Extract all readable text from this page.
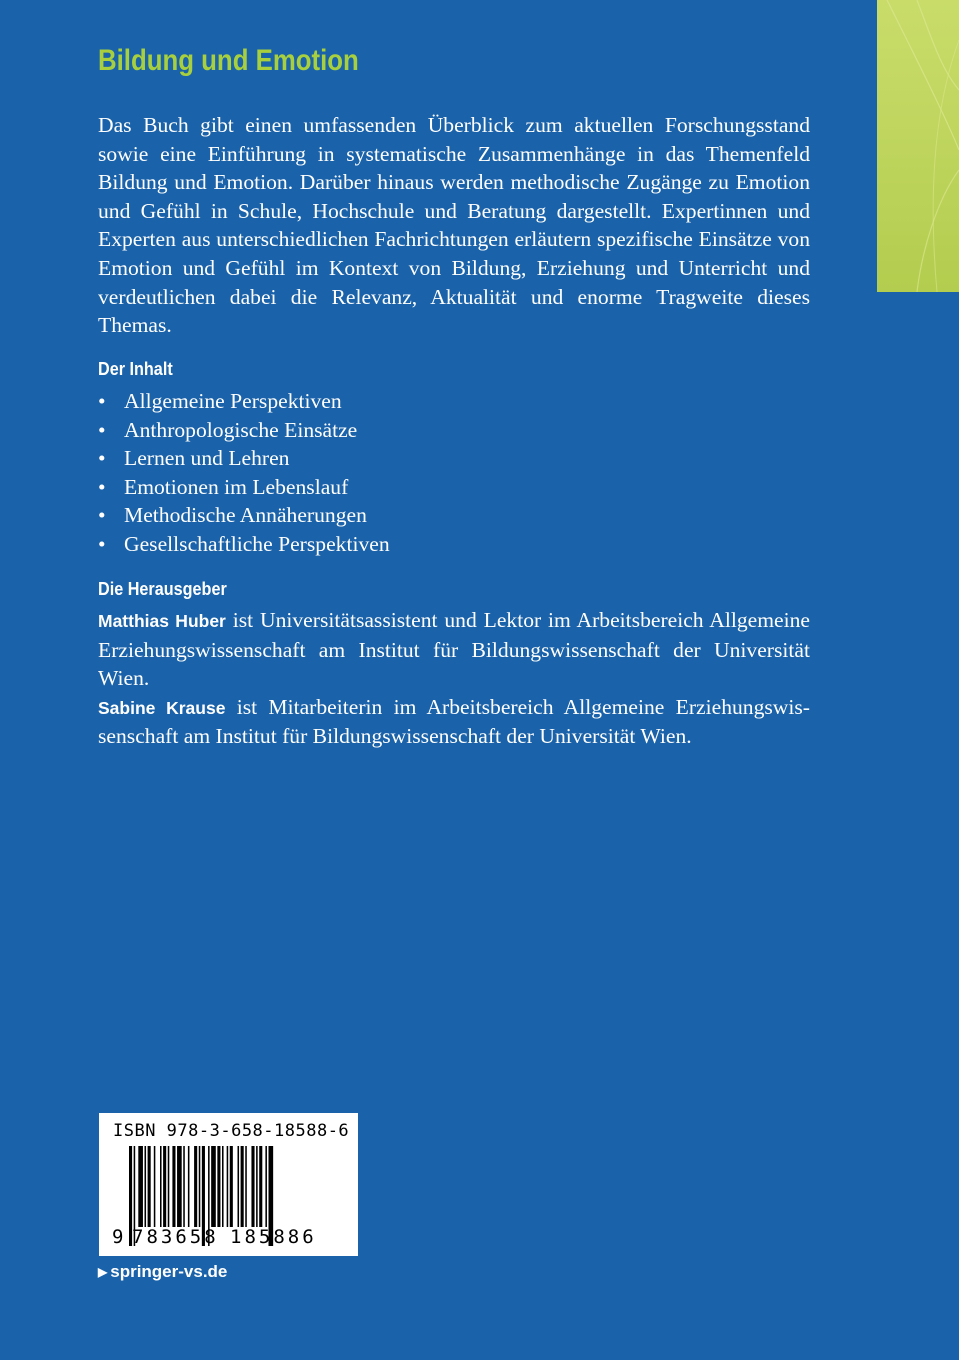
Bildung und Emotion

Das Buch gibt einen umfassenden Überblick zum aktuellen Forschungsstand sowie eine Einführung in systematische Zusammenhänge in das Themenfeld Bildung und Emotion. Darüber hinaus werden methodische Zugänge zu Emotion und Gefühl in Schule, Hochschule und Beratung dargestellt. Expertinnen und Experten aus unterschiedlichen Fachrichtungen erläutern spezifische Einsätze von Emotion und Gefühl im Kontext von Bildung, Erziehung und Unterricht und verdeutlichen dabei die Relevanz, Aktualität und enorme Tragweite dieses Themas.

Der Inhalt
• Allgemeine Perspektiven
• Anthropologische Einsätze
• Lernen und Lehren
• Emotionen im Lebenslauf
• Methodische Annäherungen
• Gesellschaftliche Perspektiven
Die Herausgeber

Matthias Huber ist Universitätsassistent und Lektor im Arbeitsbereich Allgemeine Erziehungswissenschaft am Institut für Bildungswissenschaft der Universität Wien.

Sabine Krause ist Mitarbeiterin im Arbeitsbereich Allgemeine Erziehungswissenschaft am Institut für Bildungswissenschaft der Universität Wien.

ISBN 978-3-658-18588-6
9 783658 185886
▶ springer-vs.de
